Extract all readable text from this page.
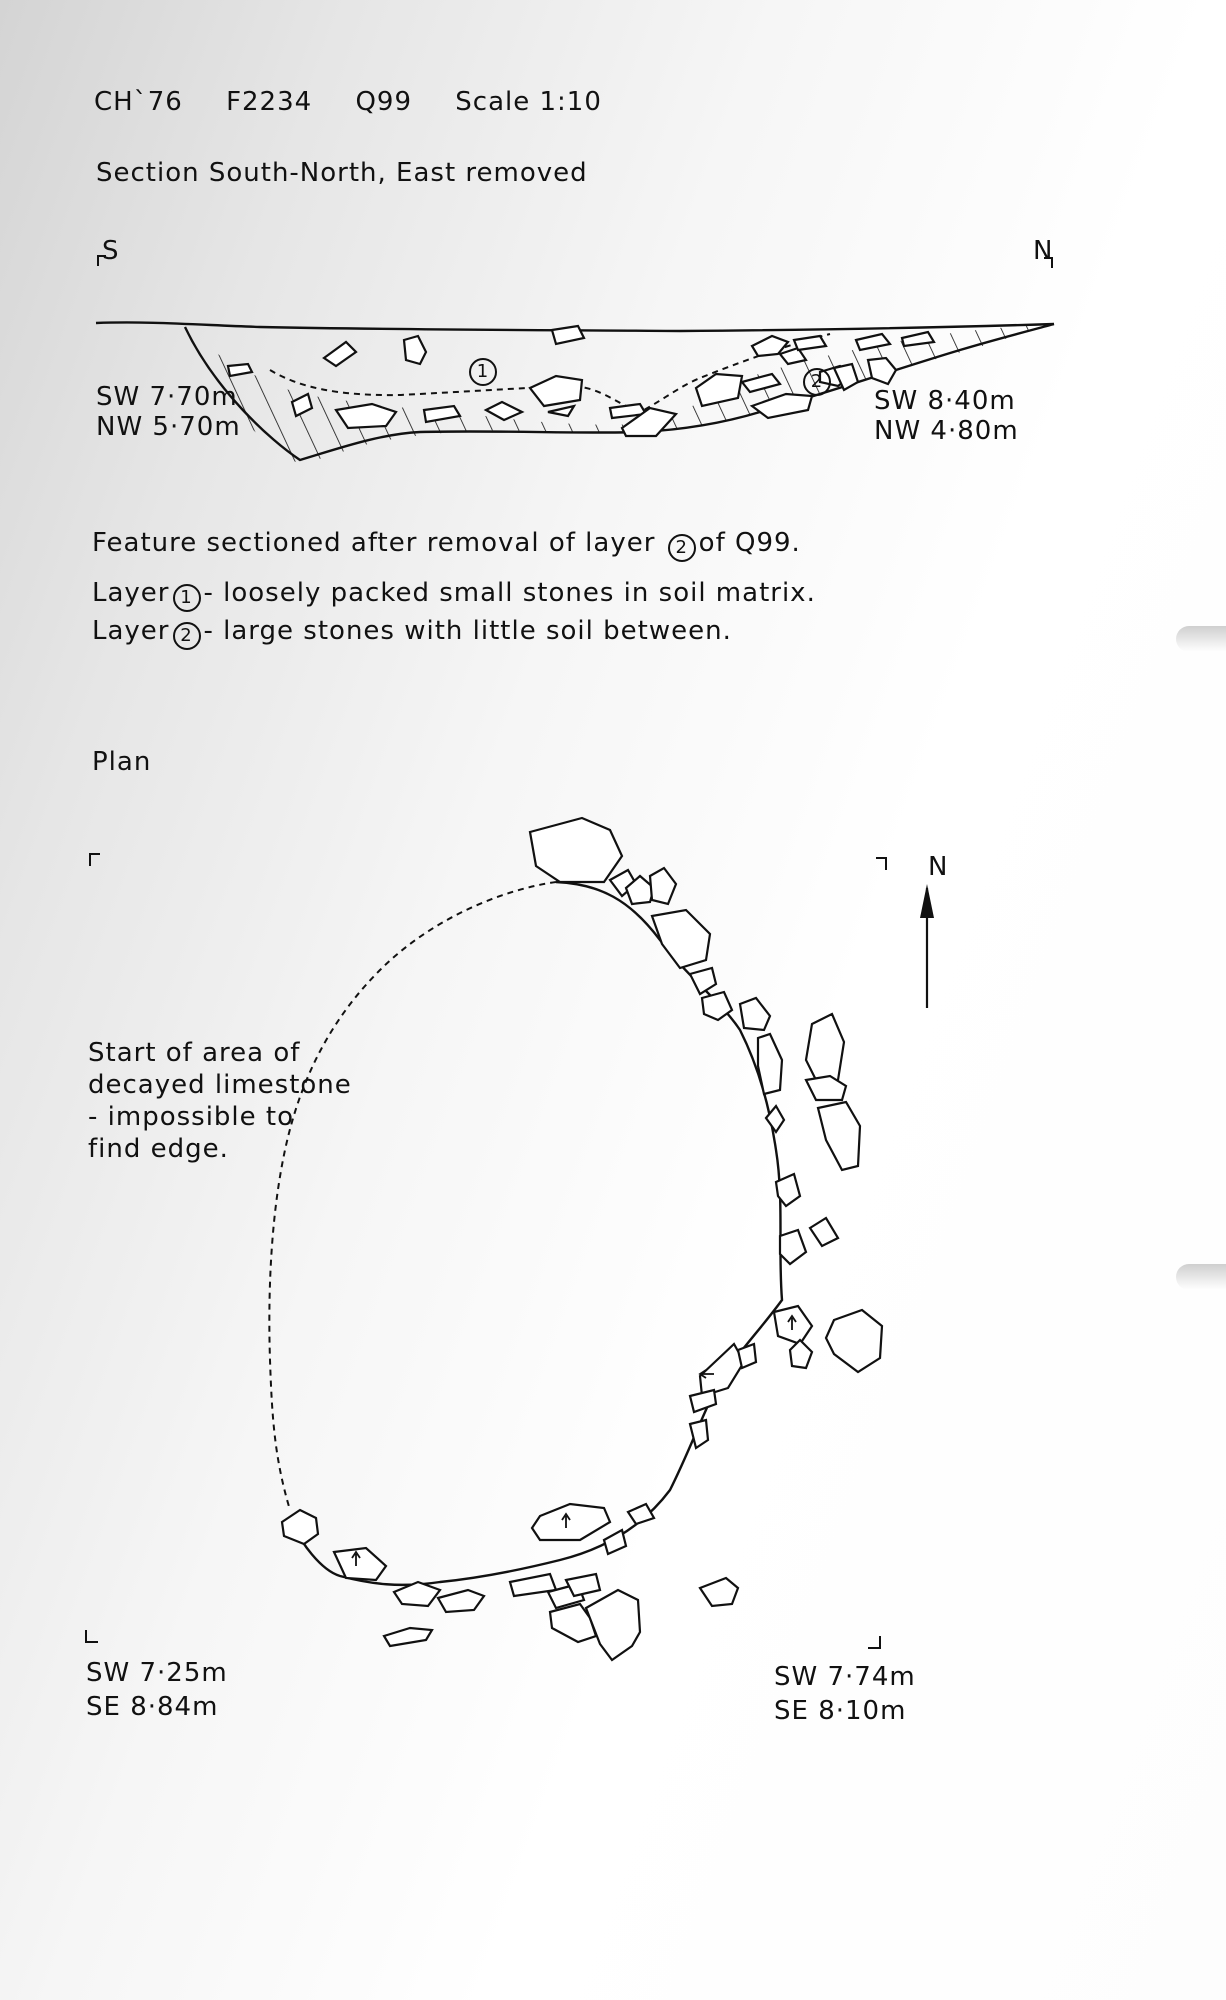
CH`76 F2234 Q99 Scale 1:10
Section South-North, East removed
S	N
1	2
SW 7·70m
NW 5·70m
SW 8·40m
NW 4·80m
Feature sectioned after removal of layer 2 of Q99.
Layer 1 - loosely packed small stones in soil matrix.
Layer 2 - large stones with little soil between.
Plan
N
Start of area of
decayed limestone
- impossible to
find edge.
SW 7·25m
SE 8·84m
SW 7·74m
SE 8·10m
